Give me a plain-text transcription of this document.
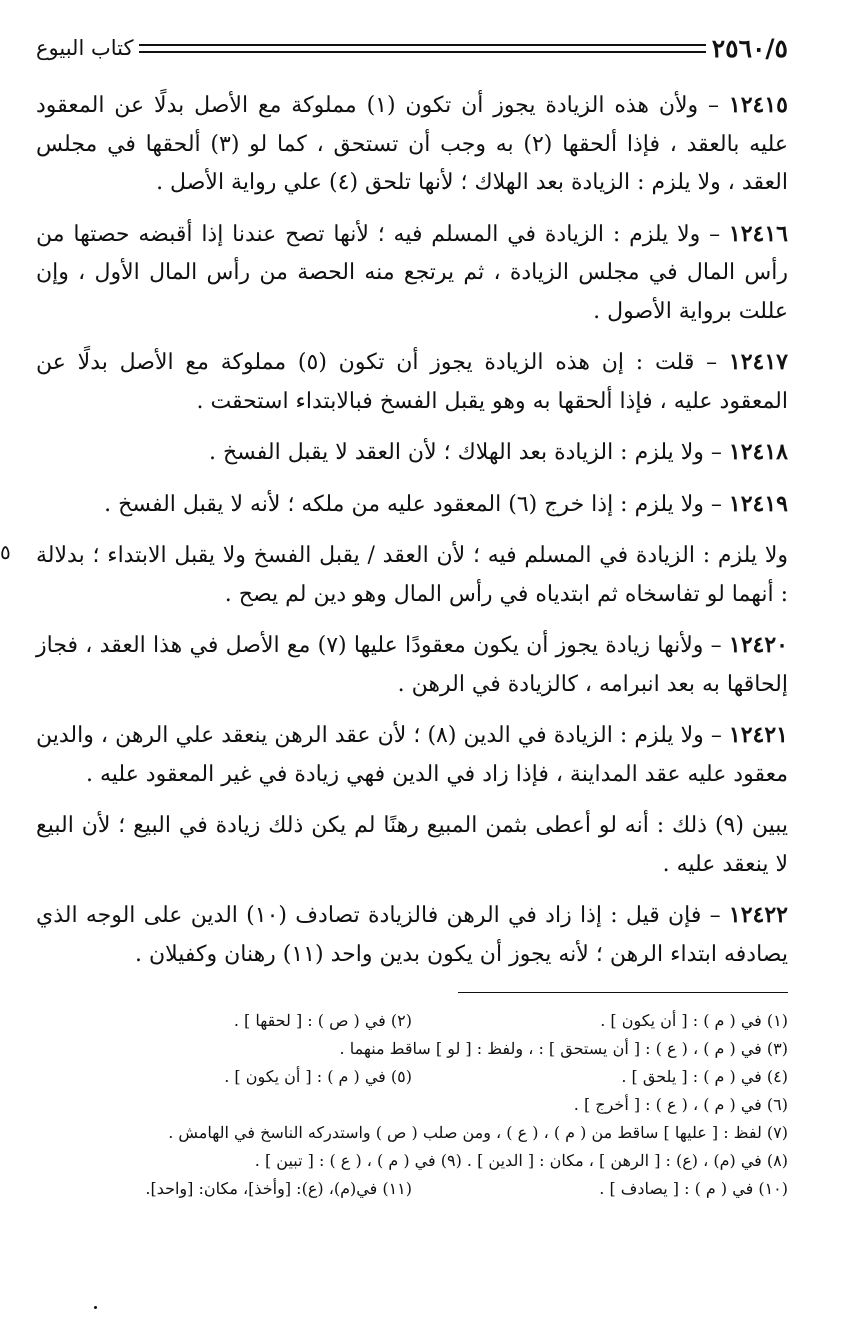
٢٥٦٠/٥
كتاب البيوع

١٢٤١٥ – ولأن هذه الزيادة يجوز أن تكون (١) مملوكة مع الأصل بدلًا عن المعقود عليه بالعقد ، فإذا ألحقها (٢) به وجب أن تستحق ، كما لو (٣) ألحقها في مجلس العقد ، ولا يلزم : الزيادة بعد الهلاك ؛ لأنها تلحق (٤) علي رواية الأصل .

١٢٤١٦ – ولا يلزم : الزيادة في المسلم فيه ؛ لأنها تصح عندنا إذا أقبضه حصتها من رأس المال في مجلس الزيادة ، ثم يرتجع منه الحصة من رأس المال الأول ، وإن عللت برواية الأصول .

١٢٤١٧ – قلت : إن هذه الزيادة يجوز أن تكون (٥) مملوكة مع الأصل بدلًا عن المعقود عليه ، فإذا ألحقها به وهو يقبل الفسخ فبالابتداء استحقت .

١٢٤١٨ – ولا يلزم : الزيادة بعد الهلاك ؛ لأن العقد لا يقبل الفسخ .

١٢٤١٩ – ولا يلزم : إذا خرج (٦) المعقود عليه من ملكه ؛ لأنه لا يقبل الفسخ .

ولا يلزم : الزيادة في المسلم فيه ؛ لأن العقد / يقبل الفسخ ولا يقبل الابتداء ؛ بدلالة : أنهما لو تفاسخاه ثم ابتدياه في رأس المال وهو دين لم يصح .

١٢٤٢٠ – ولأنها زيادة يجوز أن يكون معقودًا عليها (٧) مع الأصل في هذا العقد ، فجاز إلحاقها به بعد انبرامه ، كالزيادة في الرهن .

١٢٤٢١ – ولا يلزم : الزيادة في الدين (٨) ؛ لأن عقد الرهن ينعقد علي الرهن ، والدين معقود عليه عقد المداينة ، فإذا زاد في الدين فهي زيادة في غير المعقود عليه .

يبين (٩) ذلك : أنه لو أعطى بثمن المبيع رهنًا لم يكن ذلك زيادة في البيع ؛ لأن البيع لا ينعقد عليه .

١٢٤٢٢ – فإن قيل : إذا زاد في الرهن فالزيادة تصادف (١٠) الدين على الوجه الذي يصادفه ابتداء الرهن ؛ لأنه يجوز أن يكون بدين واحد (١١) رهنان وكفيلان .

(١) في ( م ) : [ أن يكون ] .
(٢) في ( ص ) : [ لحقها ] .
(٣) في ( م ) ، ( ع ) : [ أن يستحق ] : ، ولفظ : [ لو ] ساقط منهما .
(٤) في ( م ) : [ يلحق ] .
(٥) في ( م ) : [ أن يكون ] .
(٦) في ( م ) ، ( ع ) : [ أخرج ] .
(٧) لفظ : [ عليها ] ساقط من ( م ) ، ( ع ) ، ومن صلب ( ص ) واستدركه الناسخ في الهامش .
(٨) في (م) ، (ع) : [ الرهن ] ، مكان : [ الدين ] . (٩) في ( م ) ، ( ع ) : [ تبين ] .
(١٠) في ( م ) : [ يصادف ] .
(١١) في(م)، (ع): [وأخذ]، مكان: [واحد].
٥
